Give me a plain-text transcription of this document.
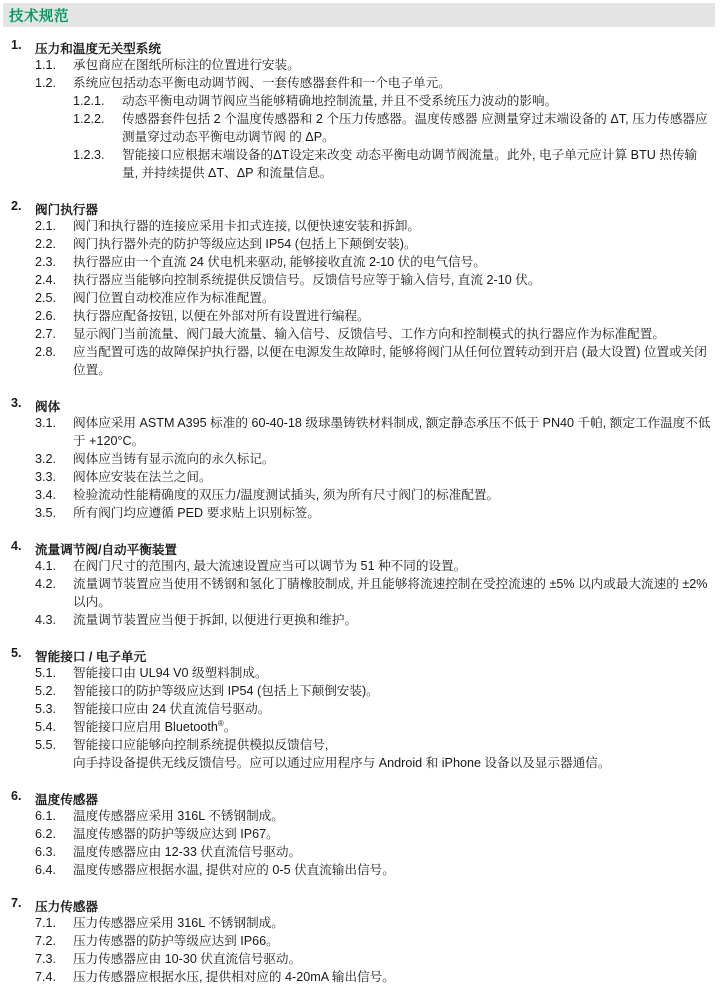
技术规范
1. 压力和温度无关型系统
1.1. 承包商应在图纸所标注的位置进行安装。
1.2. 系统应包括动态平衡电动调节阀、一套传感器套件和一个电子单元。
1.2.1. 动态平衡电动调节阀应当能够精确地控制流量, 并且不受系统压力波动的影响。
1.2.2. 传感器套件包括 2 个温度传感器和 2 个压力传感器。温度传感器 应测量穿过末端设备的 ΔT, 压力传感器应测量穿过动态平衡电动调节阀 的 ΔP。
1.2.3. 智能接口应根据末端设备的ΔT设定来改变 动态平衡电动调节阀流量。此外, 电子单元应计算 BTU 热传输量, 并持续提供 ΔT、ΔP 和流量信息。
2. 阀门执行器
2.1. 阀门和执行器的连接应采用卡扣式连接, 以便快速安装和拆卸。
2.2. 阀门执行器外壳的防护等级应达到 IP54 (包括上下颠倒安装)。
2.3. 执行器应由一个直流 24 伏电机来驱动, 能够接收直流 2-10 伏的电气信号。
2.4. 执行器应当能够向控制系统提供反馈信号。反馈信号应等于输入信号, 直流 2-10 伏。
2.5. 阀门位置自动校准应作为标准配置。
2.6. 执行器应配备按钮, 以便在外部对所有设置进行编程。
2.7. 显示阀门当前流量、阀门最大流量、输入信号、反馈信号、工作方向和控制模式的执行器应作为标准配置。
2.8. 应当配置可选的故障保护执行器, 以便在电源发生故障时, 能够将阀门从任何位置转动到开启 (最大设置) 位置或关闭位置。
3. 阀体
3.1. 阀体应采用 ASTM A395 标准的 60-40-18 级球墨铸铁材料制成, 额定静态承压不低于 PN40 千帕, 额定工作温度不低于 +120°C。
3.2. 阀体应当铸有显示流向的永久标记。
3.3. 阀体应安装在法兰之间。
3.4. 检验流动性能精确度的双压力/温度测试插头, 须为所有尺寸阀门的标准配置。
3.5. 所有阀门均应遵循 PED 要求贴上识别标签。
4. 流量调节阀/自动平衡装置
4.1. 在阀门尺寸的范围内, 最大流速设置应当可以调节为 51 种不同的设置。
4.2. 流量调节装置应当使用不锈钢和氢化丁腈橡胶制成, 并且能够将流速控制在受控流速的 ±5% 以内或最大流速的 ±2% 以内。
4.3. 流量调节装置应当便于拆卸, 以便进行更换和维护。
5. 智能接口 / 电子单元
5.1. 智能接口由 UL94 V0 级塑料制成。
5.2. 智能接口的防护等级应达到 IP54 (包括上下颠倒安装)。
5.3. 智能接口应由 24 伏直流信号驱动。
5.4. 智能接口应启用 Bluetooth®。
5.5. 智能接口应能够向控制系统提供模拟反馈信号,
向手持设备提供无线反馈信号。应可以通过应用程序与 Android 和 iPhone 设备以及显示器通信。
6. 温度传感器
6.1. 温度传感器应采用 316L 不锈钢制成。
6.2. 温度传感器的防护等级应达到 IP67。
6.3. 温度传感器应由 12-33 伏直流信号驱动。
6.4. 温度传感器应根据水温, 提供对应的 0-5 伏直流输出信号。
7. 压力传感器
7.1. 压力传感器应采用 316L 不锈钢制成。
7.2. 压力传感器的防护等级应达到 IP66。
7.3. 压力传感器应由 10-30 伏直流信号驱动。
7.4. 压力传感器应根据水压, 提供相对应的 4-20mA 输出信号。
